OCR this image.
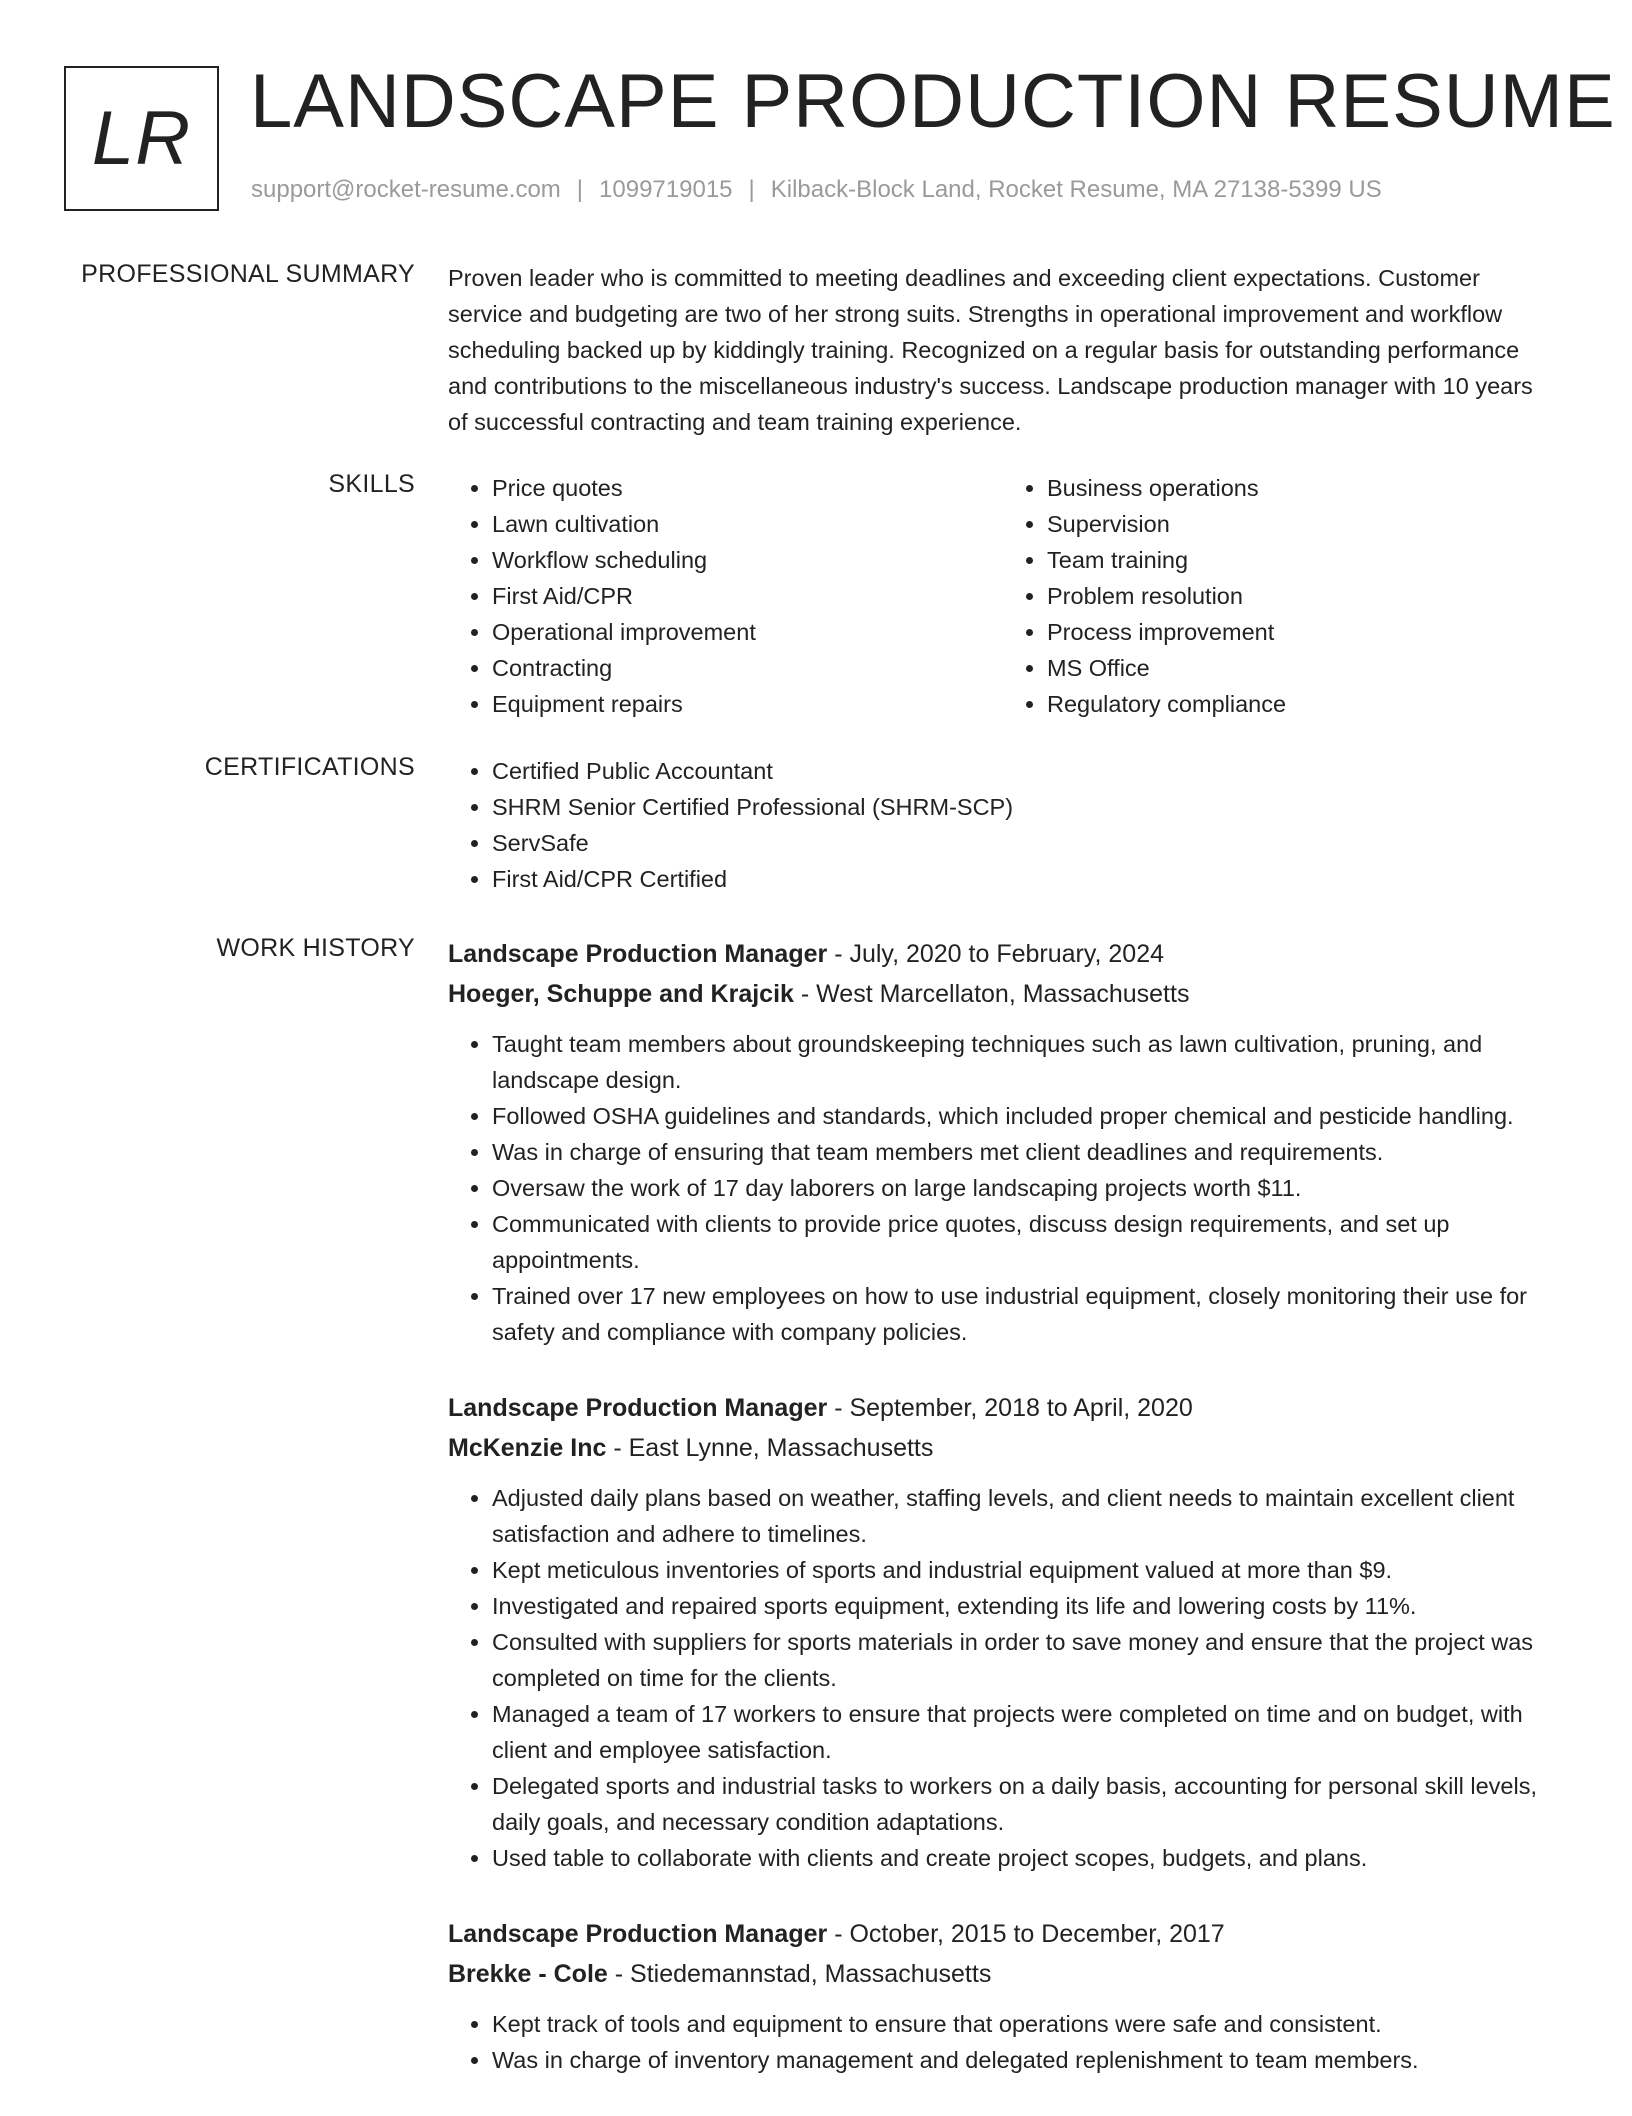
LR LANDSCAPE PRODUCTION RESUME
support@rocket-resume.com | 1099719015 | Kilback-Block Land, Rocket Resume, MA 27138-5399 US
PROFESSIONAL SUMMARY Proven leader who is committed to meeting deadlines and exceeding client expectations. Customer service and budgeting are two of her strong suits. Strengths in operational improvement and workflow scheduling backed up by kiddingly training. Recognized on a regular basis for outstanding performance and contributions to the miscellaneous industry's success. Landscape production manager with 10 years of successful contracting and team training experience.
SKILLS	• Price quotes
• Lawn cultivation
• Workflow scheduling
• First Aid/CPR
• Operational improvement
• Contracting
• Equipment repairs
• Business operations
• Supervision
• Team training
• Problem resolution
• Process improvement
• MS Office
• Regulatory compliance
CERTIFICATIONS	• Certified Public Accountant
• SHRM Senior Certified Professional (SHRM-SCP)
• ServSafe
• First Aid/CPR Certified
WORK HISTORY Landscape Production Manager - July, 2020 to February, 2024
Hoeger, Schuppe and Krajcik - West Marcellaton, Massachusetts
• Taught team members about groundskeeping techniques such as lawn cultivation, pruning, and landscape design.
• Followed OSHA guidelines and standards, which included proper chemical and pesticide handling.
• Was in charge of ensuring that team members met client deadlines and requirements.
• Oversaw the work of 17 day laborers on large landscaping projects worth $11.
• Communicated with clients to provide price quotes, discuss design requirements, and set up appointments.
• Trained over 17 new employees on how to use industrial equipment, closely monitoring their use for safety and compliance with company policies.
Landscape Production Manager - September, 2018 to April, 2020
McKenzie Inc - East Lynne, Massachusetts
• Adjusted daily plans based on weather, staffing levels, and client needs to maintain excellent client satisfaction and adhere to timelines.
• Kept meticulous inventories of sports and industrial equipment valued at more than $9.
• Investigated and repaired sports equipment, extending its life and lowering costs by 11%.
• Consulted with suppliers for sports materials in order to save money and ensure that the project was completed on time for the clients.
• Managed a team of 17 workers to ensure that projects were completed on time and on budget, with client and employee satisfaction.
• Delegated sports and industrial tasks to workers on a daily basis, accounting for personal skill levels, daily goals, and necessary condition adaptations.
• Used table to collaborate with clients and create project scopes, budgets, and plans.
Landscape Production Manager - October, 2015 to December, 2017
Brekke - Cole - Stiedemannstad, Massachusetts
• Kept track of tools and equipment to ensure that operations were safe and consistent.
• Was in charge of inventory management and delegated replenishment to team members.
